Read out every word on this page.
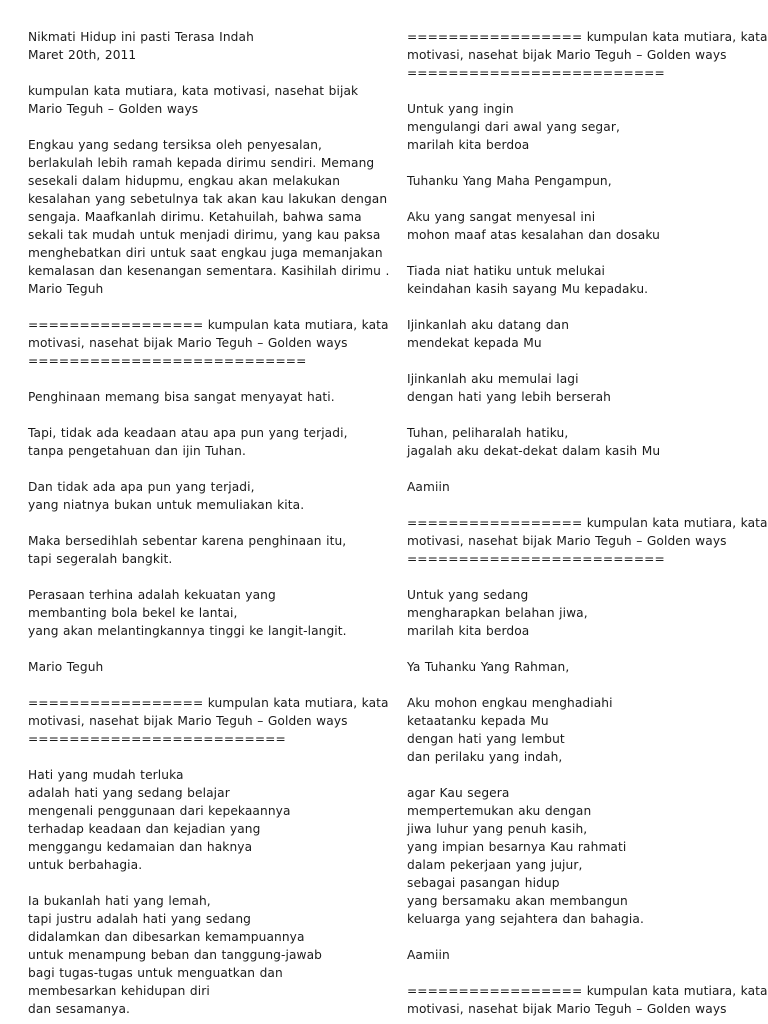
Nikmati Hidup ini pasti Terasa Indah
Maret 20th, 2011
kumpulan kata mutiara, kata motivasi, nasehat bijak
Mario Teguh – Golden ways
Engkau yang sedang tersiksa oleh penyesalan,
berlakulah lebih ramah kepada dirimu sendiri. Memang
sesekali dalam hidupmu, engkau akan melakukan
kesalahan yang sebetulnya tak akan kau lakukan dengan
sengaja. Maafkanlah dirimu. Ketahuilah, bahwa sama
sekali tak mudah untuk menjadi dirimu, yang kau paksa
menghebatkan diri untuk saat engkau juga memanjakan
kemalasan dan kesenangan sementara. Kasihilah dirimu .
Mario Teguh
================= kumpulan kata mutiara, kata
motivasi, nasehat bijak Mario Teguh – Golden ways
===========================
Penghinaan memang bisa sangat menyayat hati.
Tapi, tidak ada keadaan atau apa pun yang terjadi,
tanpa pengetahuan dan ijin Tuhan.
Dan tidak ada apa pun yang terjadi,
yang niatnya bukan untuk memuliakan kita.
Maka bersedihlah sebentar karena penghinaan itu,
tapi segeralah bangkit.
Perasaan terhina adalah kekuatan yang
membanting bola bekel ke lantai,
yang akan melantingkannya tinggi ke langit-langit.
Mario Teguh
================= kumpulan kata mutiara, kata
motivasi, nasehat bijak Mario Teguh – Golden ways
=========================
Hati yang mudah terluka
adalah hati yang sedang belajar
mengenali penggunaan dari kepekaannya
terhadap keadaan dan kejadian yang
menggangu kedamaian dan haknya
untuk berbahagia.
Ia bukanlah hati yang lemah,
tapi justru adalah hati yang sedang
didalamkan dan dibesarkan kemampuannya
untuk menampung beban dan tanggung-jawab
bagi tugas-tugas untuk menguatkan dan
membesarkan kehidupan diri
dan sesamanya.
================= kumpulan kata mutiara, kata
motivasi, nasehat bijak Mario Teguh – Golden ways
=========================
Untuk yang ingin
mengulangi dari awal yang segar,
marilah kita berdoa
Tuhanku Yang Maha Pengampun,
Aku yang sangat menyesal ini
mohon maaf atas kesalahan dan dosaku
Tiada niat hatiku untuk melukai
keindahan kasih sayang Mu kepadaku.
Ijinkanlah aku datang dan
mendekat kepada Mu
Ijinkanlah aku memulai lagi
dengan hati yang lebih berserah
Tuhan, peliharalah hatiku,
jagalah aku dekat-dekat dalam kasih Mu
Aamiin
================= kumpulan kata mutiara, kata
motivasi, nasehat bijak Mario Teguh – Golden ways
=========================
Untuk yang sedang
mengharapkan belahan jiwa,
marilah kita berdoa
Ya Tuhanku Yang Rahman,
Aku mohon engkau menghadiahi
ketaatanku kepada Mu
dengan hati yang lembut
dan perilaku yang indah,
agar Kau segera
mempertemukan aku dengan
jiwa luhur yang penuh kasih,
yang impian besarnya Kau rahmati
dalam pekerjaan yang jujur,
sebagai pasangan hidup
yang bersamaku akan membangun
keluarga yang sejahtera dan bahagia.
Aamiin
================= kumpulan kata mutiara, kata
motivasi, nasehat bijak Mario Teguh – Golden ways
